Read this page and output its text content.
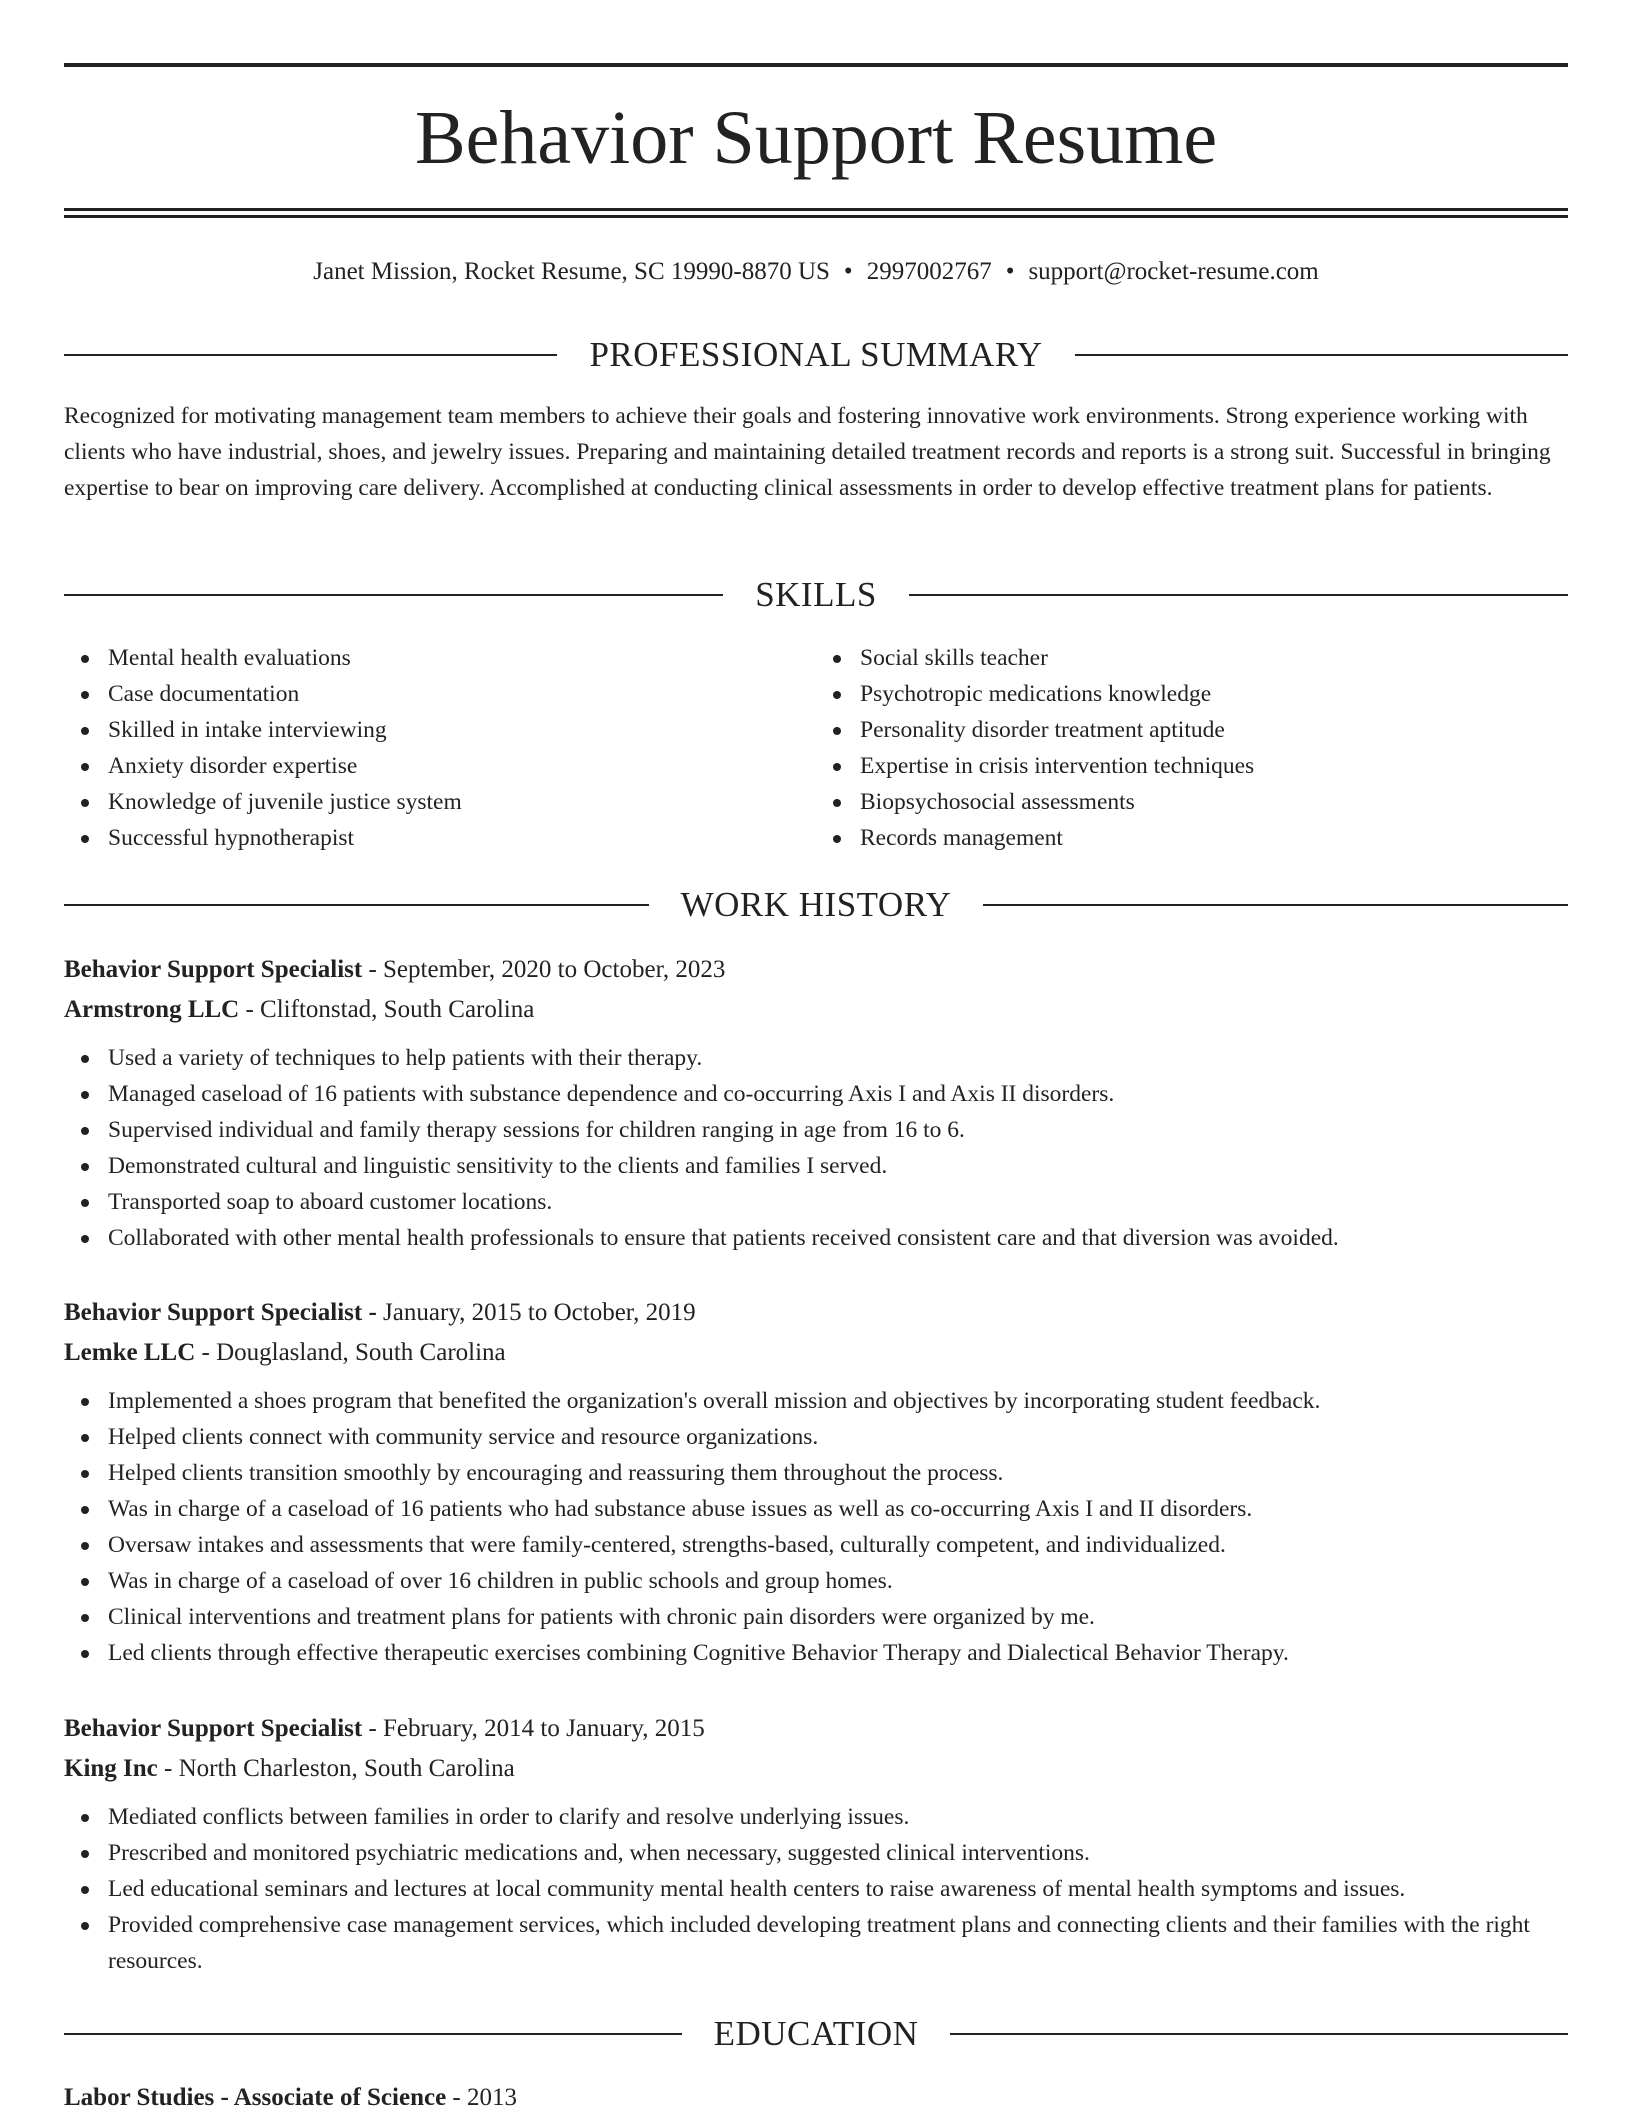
Behavior Support Resume
Janet Mission, Rocket Resume, SC 19990-8870 US • 2997002767 • support@rocket-resume.com
PROFESSIONAL SUMMARY

Recognized for motivating management team members to achieve their goals and fostering innovative work environments. Strong experience working with clients who have industrial, shoes, and jewelry issues. Preparing and maintaining detailed treatment records and reports is a strong suit. Successful in bringing expertise to bear on improving care delivery. Accomplished at conducting clinical assessments in order to develop effective treatment plans for patients.

SKILLS
Mental health evaluations
Case documentation
Skilled in intake interviewing
Anxiety disorder expertise
Knowledge of juvenile justice system
Successful hypnotherapist
Social skills teacher
Psychotropic medications knowledge
Personality disorder treatment aptitude
Expertise in crisis intervention techniques
Biopsychosocial assessments
Records management
WORK HISTORY
Behavior Support Specialist - September, 2020 to October, 2023
Armstrong LLC - Cliftonstad, South Carolina
Used a variety of techniques to help patients with their therapy.
Managed caseload of 16 patients with substance dependence and co-occurring Axis I and Axis II disorders.
Supervised individual and family therapy sessions for children ranging in age from 16 to 6.
Demonstrated cultural and linguistic sensitivity to the clients and families I served.
Transported soap to aboard customer locations.
Collaborated with other mental health professionals to ensure that patients received consistent care and that diversion was avoided.
Behavior Support Specialist - January, 2015 to October, 2019
Lemke LLC - Douglasland, South Carolina
Implemented a shoes program that benefited the organization's overall mission and objectives by incorporating student feedback.
Helped clients connect with community service and resource organizations.
Helped clients transition smoothly by encouraging and reassuring them throughout the process.
Was in charge of a caseload of 16 patients who had substance abuse issues as well as co-occurring Axis I and II disorders.
Oversaw intakes and assessments that were family-centered, strengths-based, culturally competent, and individualized.
Was in charge of a caseload of over 16 children in public schools and group homes.
Clinical interventions and treatment plans for patients with chronic pain disorders were organized by me.
Led clients through effective therapeutic exercises combining Cognitive Behavior Therapy and Dialectical Behavior Therapy.
Behavior Support Specialist - February, 2014 to January, 2015
King Inc - North Charleston, South Carolina
Mediated conflicts between families in order to clarify and resolve underlying issues.
Prescribed and monitored psychiatric medications and, when necessary, suggested clinical interventions.
Led educational seminars and lectures at local community mental health centers to raise awareness of mental health symptoms and issues.
Provided comprehensive case management services, which included developing treatment plans and connecting clients and their families with the right resources.
EDUCATION
Labor Studies - Associate of Science - 2013
